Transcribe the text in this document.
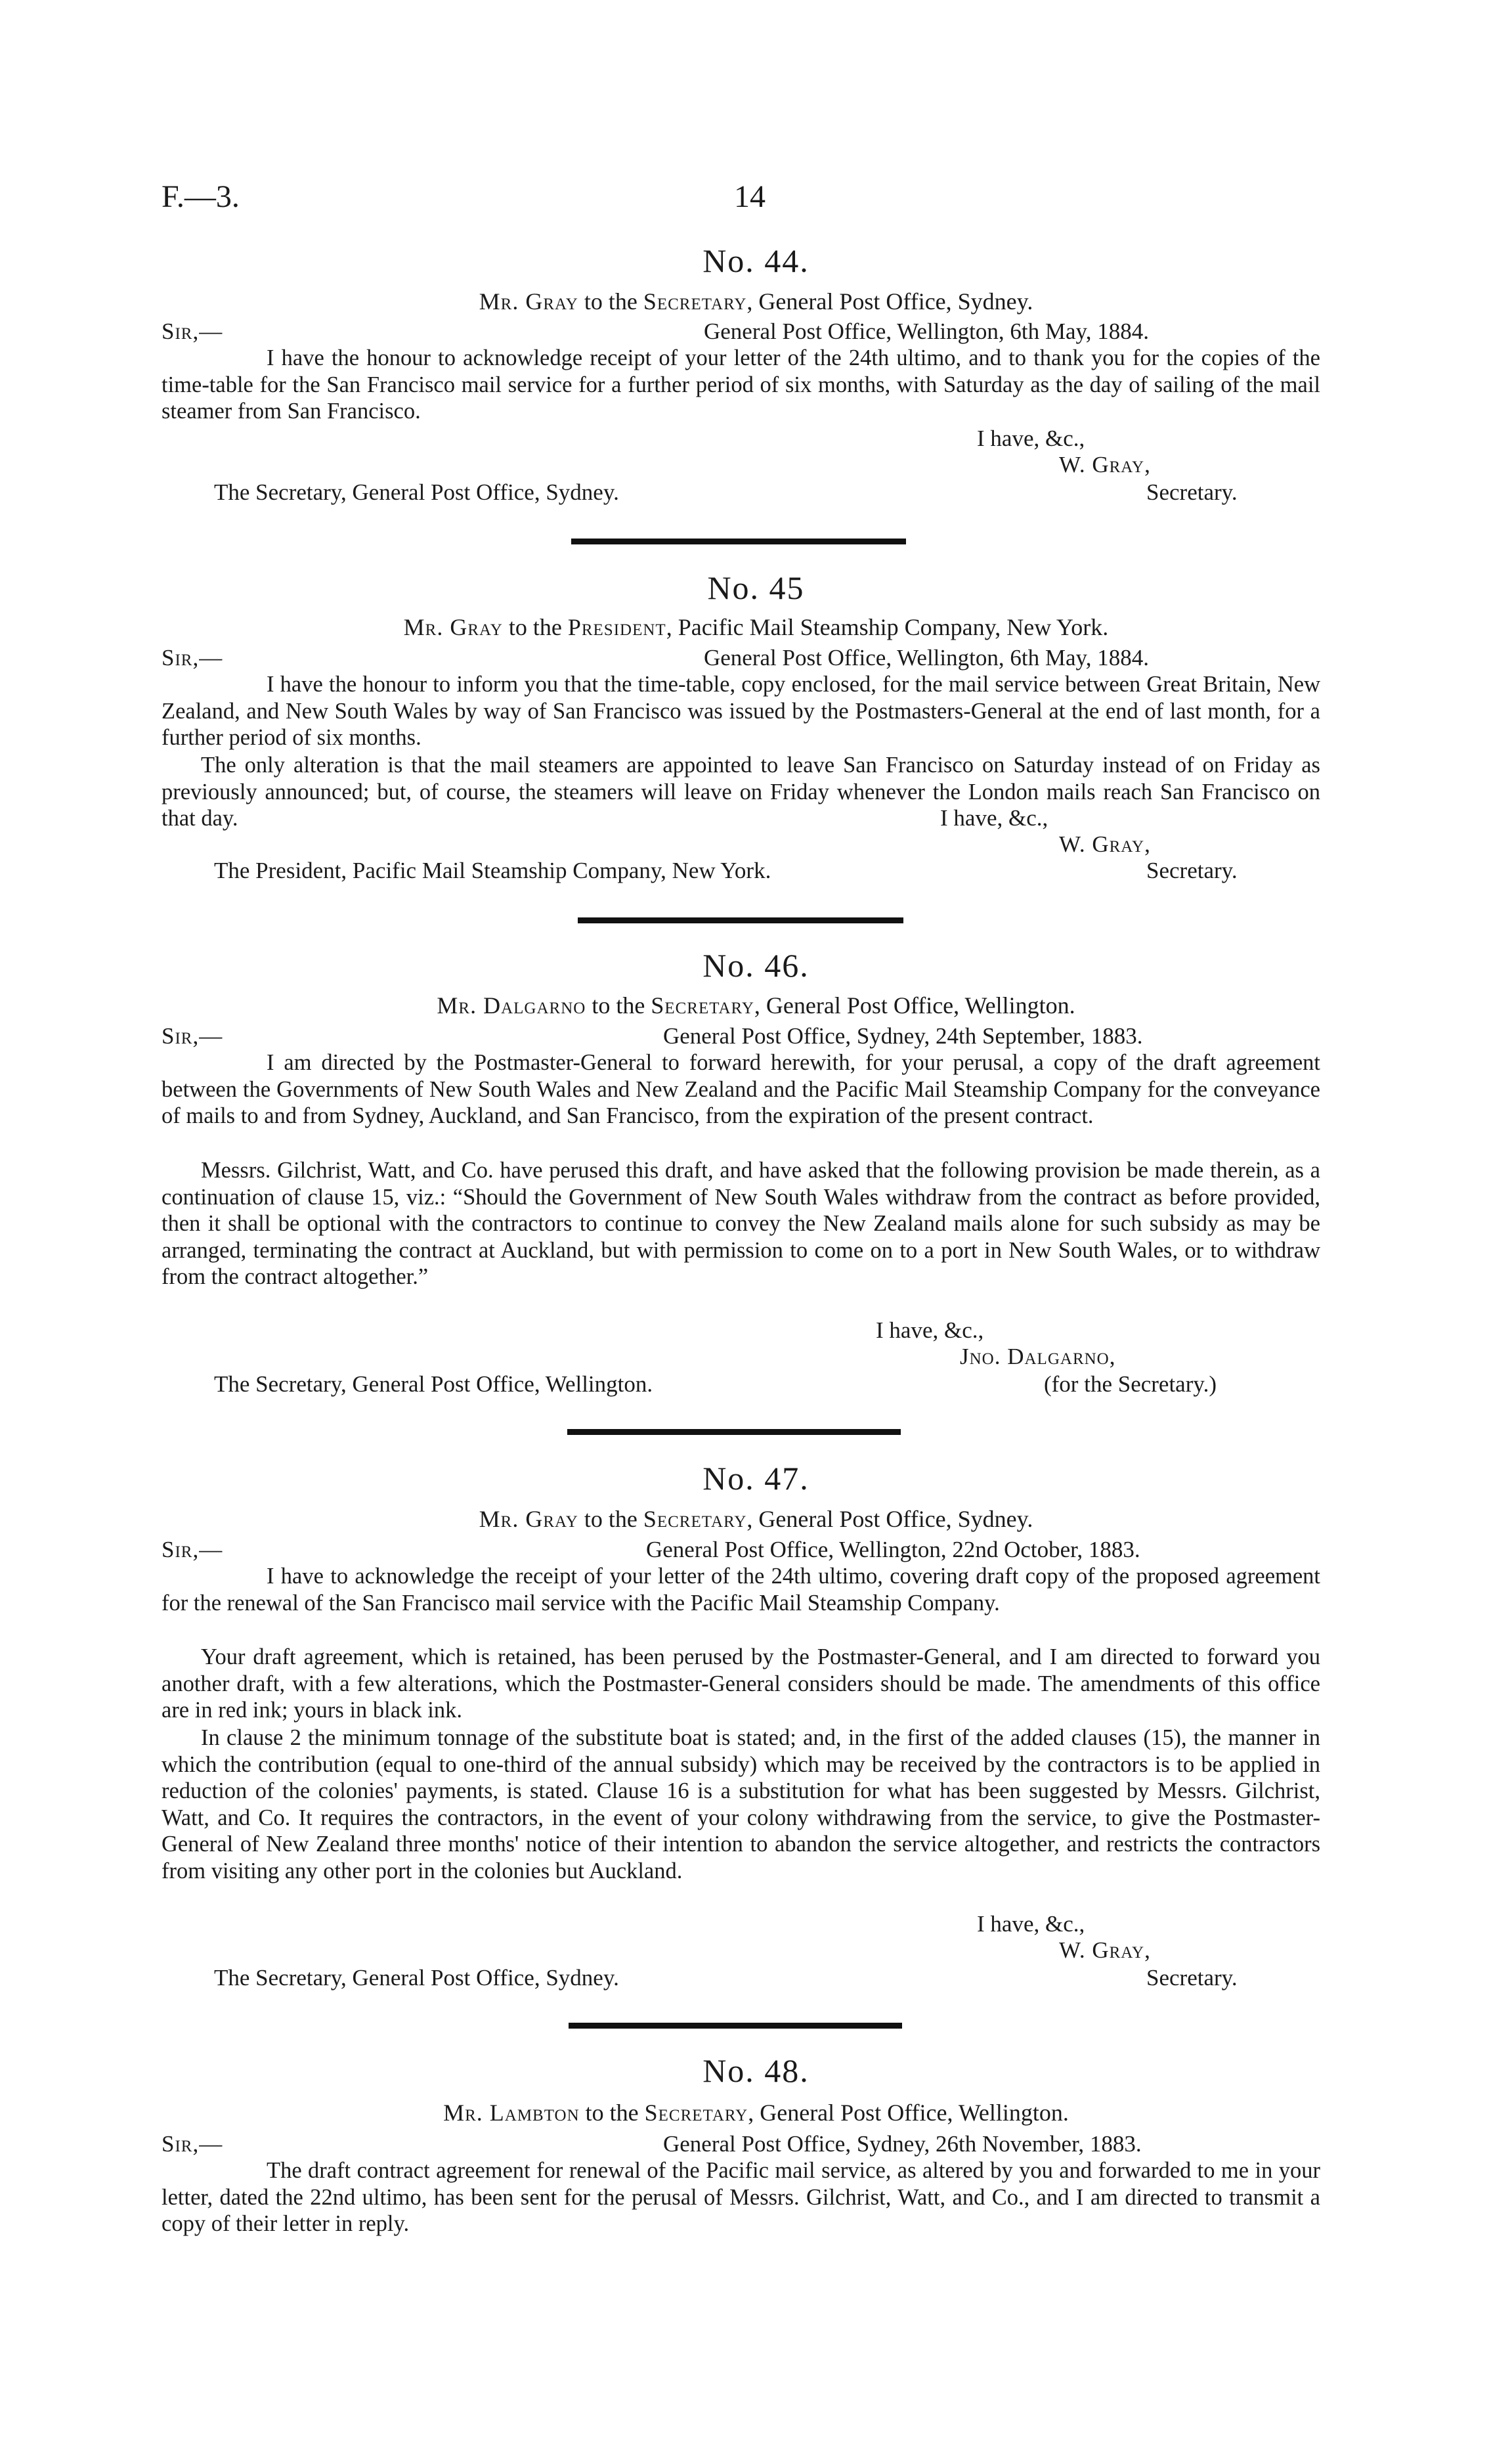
F.—3.	14
No. 44.
Mr. Gray to the Secretary, General Post Office, Sydney.
Sir,—	General Post Office, Wellington, 6th May, 1884.

I have the honour to acknowledge receipt of your letter of the 24th ultimo, and to thank you for the copies of the time-table for the San Francisco mail service for a further period of six months, with Saturday as the day of sailing of the mail steamer from San Francisco.

I have, &c.,
W. Gray,
The Secretary, General Post Office, Sydney.	Secretary.
No. 45
Mr. Gray to the President, Pacific Mail Steamship Company, New York.
Sir,—	General Post Office, Wellington, 6th May, 1884.

I have the honour to inform you that the time-table, copy enclosed, for the mail service between Great Britain, New Zealand, and New South Wales by way of San Francisco was issued by the Postmasters-General at the end of last month, for a further period of six months.

The only alteration is that the mail steamers are appointed to leave San Francisco on Saturday instead of on Friday as previously announced; but, of course, the steamers will leave on Friday whenever the London mails reach San Francisco on that day.	I have, &c.,
W. Gray,
The President, Pacific Mail Steamship Company, New York.	Secretary.
No. 46.
Mr. Dalgarno to the Secretary, General Post Office, Wellington.
Sir,—	General Post Office, Sydney, 24th September, 1883.

I am directed by the Postmaster-General to forward herewith, for your perusal, a copy of the draft agreement between the Governments of New South Wales and New Zealand and the Pacific Mail Steamship Company for the conveyance of mails to and from Sydney, Auckland, and San Francisco, from the expiration of the present contract.

Messrs. Gilchrist, Watt, and Co. have perused this draft, and have asked that the following provision be made therein, as a continuation of clause 15, viz.: “Should the Government of New South Wales withdraw from the contract as before provided, then it shall be optional with the contractors to continue to convey the New Zealand mails alone for such subsidy as may be arranged, terminating the contract at Auckland, but with permission to come on to a port in New South Wales, or to withdraw from the contract altogether.”

I have, &c.,
Jno. Dalgarno,
The Secretary, General Post Office, Wellington.	(for the Secretary.)
No. 47.
Mr. Gray to the Secretary, General Post Office, Sydney.
Sir,—	General Post Office, Wellington, 22nd October, 1883.

I have to acknowledge the receipt of your letter of the 24th ultimo, covering draft copy of the proposed agreement for the renewal of the San Francisco mail service with the Pacific Mail Steamship Company.

Your draft agreement, which is retained, has been perused by the Postmaster-General, and I am directed to forward you another draft, with a few alterations, which the Postmaster-General considers should be made. The amendments of this office are in red ink; yours in black ink.

In clause 2 the minimum tonnage of the substitute boat is stated; and, in the first of the added clauses (15), the manner in which the contribution (equal to one-third of the annual subsidy) which may be received by the contractors is to be applied in reduction of the colonies' payments, is stated. Clause 16 is a substitution for what has been suggested by Messrs. Gilchrist, Watt, and Co. It requires the contractors, in the event of your colony withdrawing from the service, to give the Postmaster-General of New Zealand three months' notice of their intention to abandon the service altogether, and restricts the contractors from visiting any other port in the colonies but Auckland.

I have, &c.,
W. Gray,
The Secretary, General Post Office, Sydney.	Secretary.
No. 48.
Mr. Lambton to the Secretary, General Post Office, Wellington.
Sir,—	General Post Office, Sydney, 26th November, 1883.

The draft contract agreement for renewal of the Pacific mail service, as altered by you and forwarded to me in your letter, dated the 22nd ultimo, has been sent for the perusal of Messrs. Gilchrist, Watt, and Co., and I am directed to transmit a copy of their letter in reply.
